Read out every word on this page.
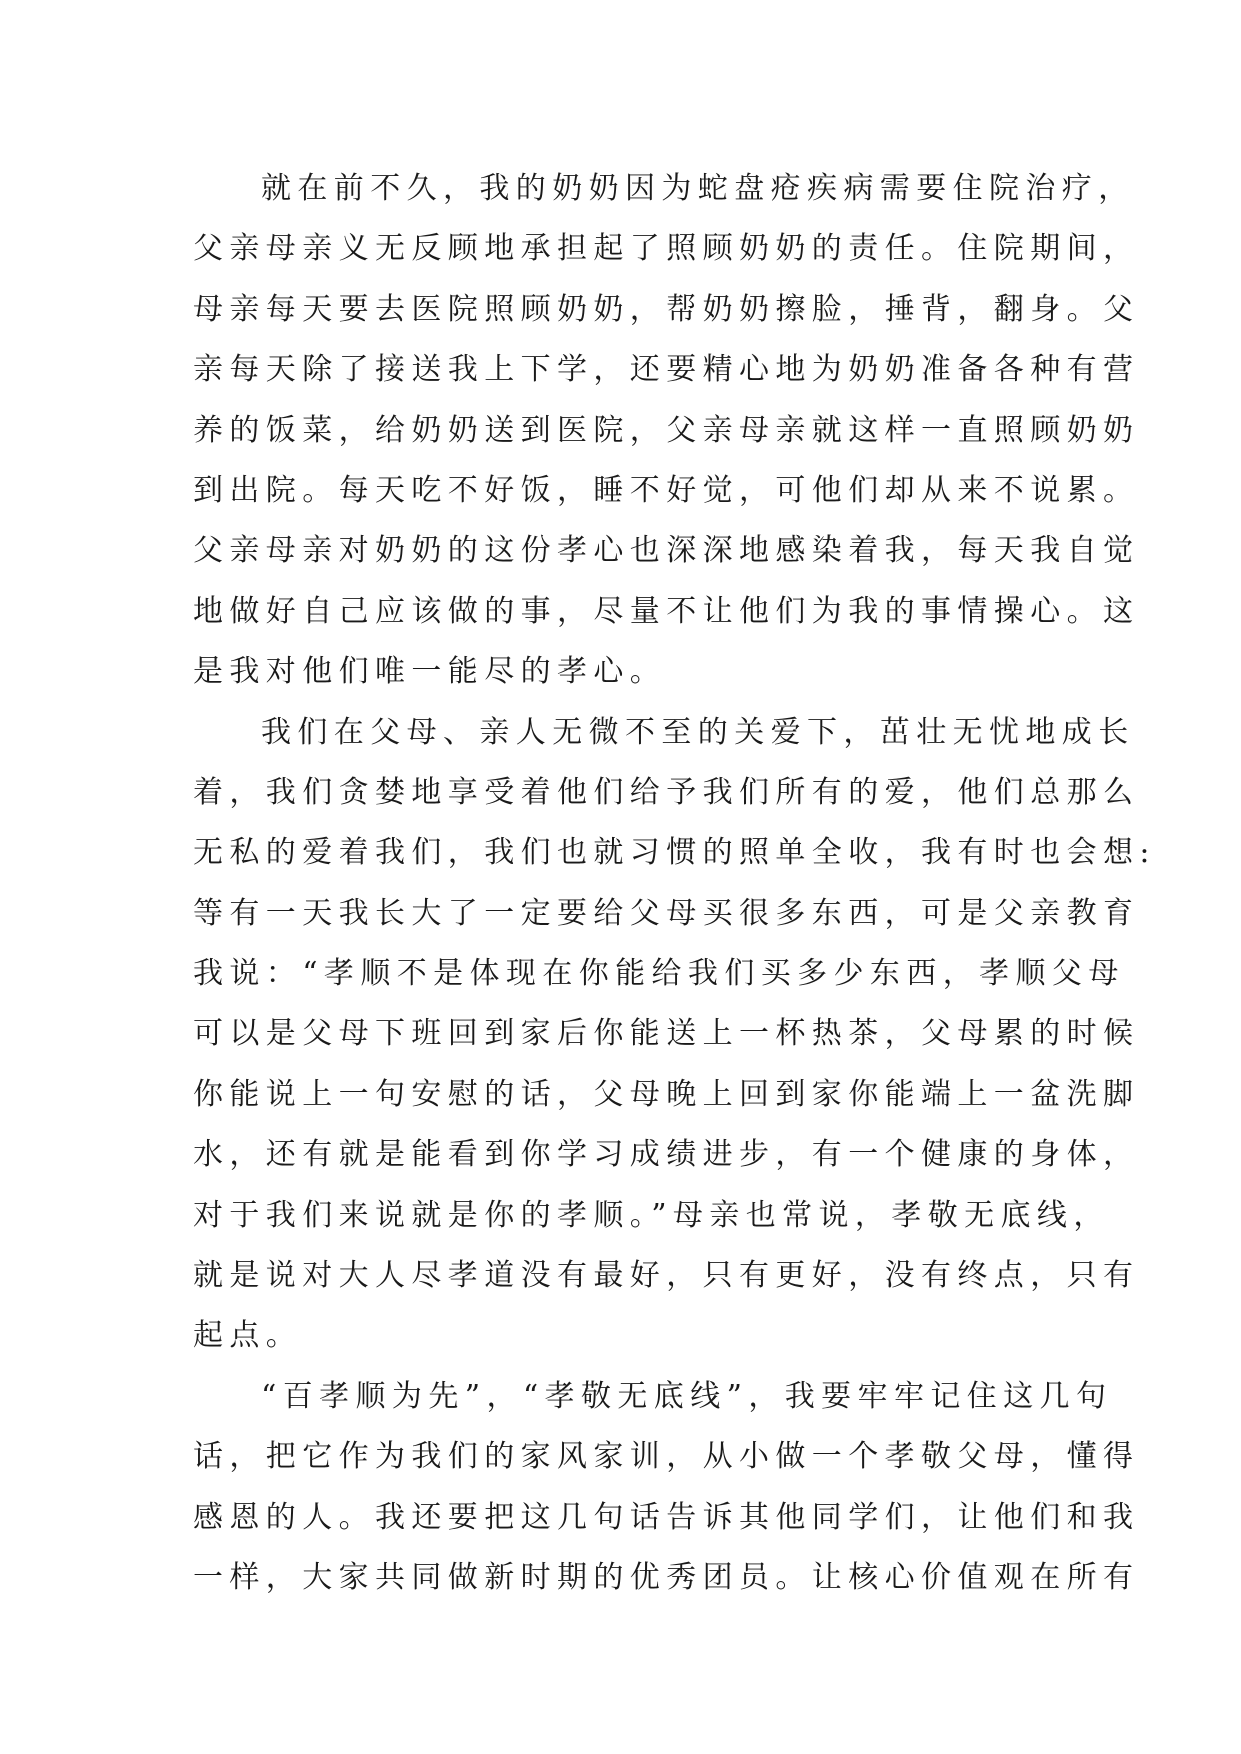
就在前不久，我的奶奶因为蛇盘疮疾病需要住院治疗，
父亲母亲义无反顾地承担起了照顾奶奶的责任。住院期间，
母亲每天要去医院照顾奶奶，帮奶奶擦脸，捶背，翻身。父
亲每天除了接送我上下学，还要精心地为奶奶准备各种有营
养的饭菜，给奶奶送到医院，父亲母亲就这样一直照顾奶奶
到出院。每天吃不好饭，睡不好觉，可他们却从来不说累。
父亲母亲对奶奶的这份孝心也深深地感染着我，每天我自觉
地做好自己应该做的事，尽量不让他们为我的事情操心。这
是我对他们唯一能尽的孝心。
我们在父母、亲人无微不至的关爱下，茁壮无忧地成长
着，我们贪婪地享受着他们给予我们所有的爱，他们总那么
无私的爱着我们，我们也就习惯的照单全收，我有时也会想:
等有一天我长大了一定要给父母买很多东西，可是父亲教育
我说：“孝顺不是体现在你能给我们买多少东西，孝顺父母
可以是父母下班回到家后你能送上一杯热茶，父母累的时候
你能说上一句安慰的话，父母晚上回到家你能端上一盆洗脚
水，还有就是能看到你学习成绩进步，有一个健康的身体，
对于我们来说就是你的孝顺。”母亲也常说，孝敬无底线，
就是说对大人尽孝道没有最好，只有更好，没有终点，只有
起点。
“百孝顺为先”，“孝敬无底线”，我要牢牢记住这几句
话，把它作为我们的家风家训，从小做一个孝敬父母，懂得
感恩的人。我还要把这几句话告诉其他同学们，让他们和我
一样，大家共同做新时期的优秀团员。让核心价值观在所有
